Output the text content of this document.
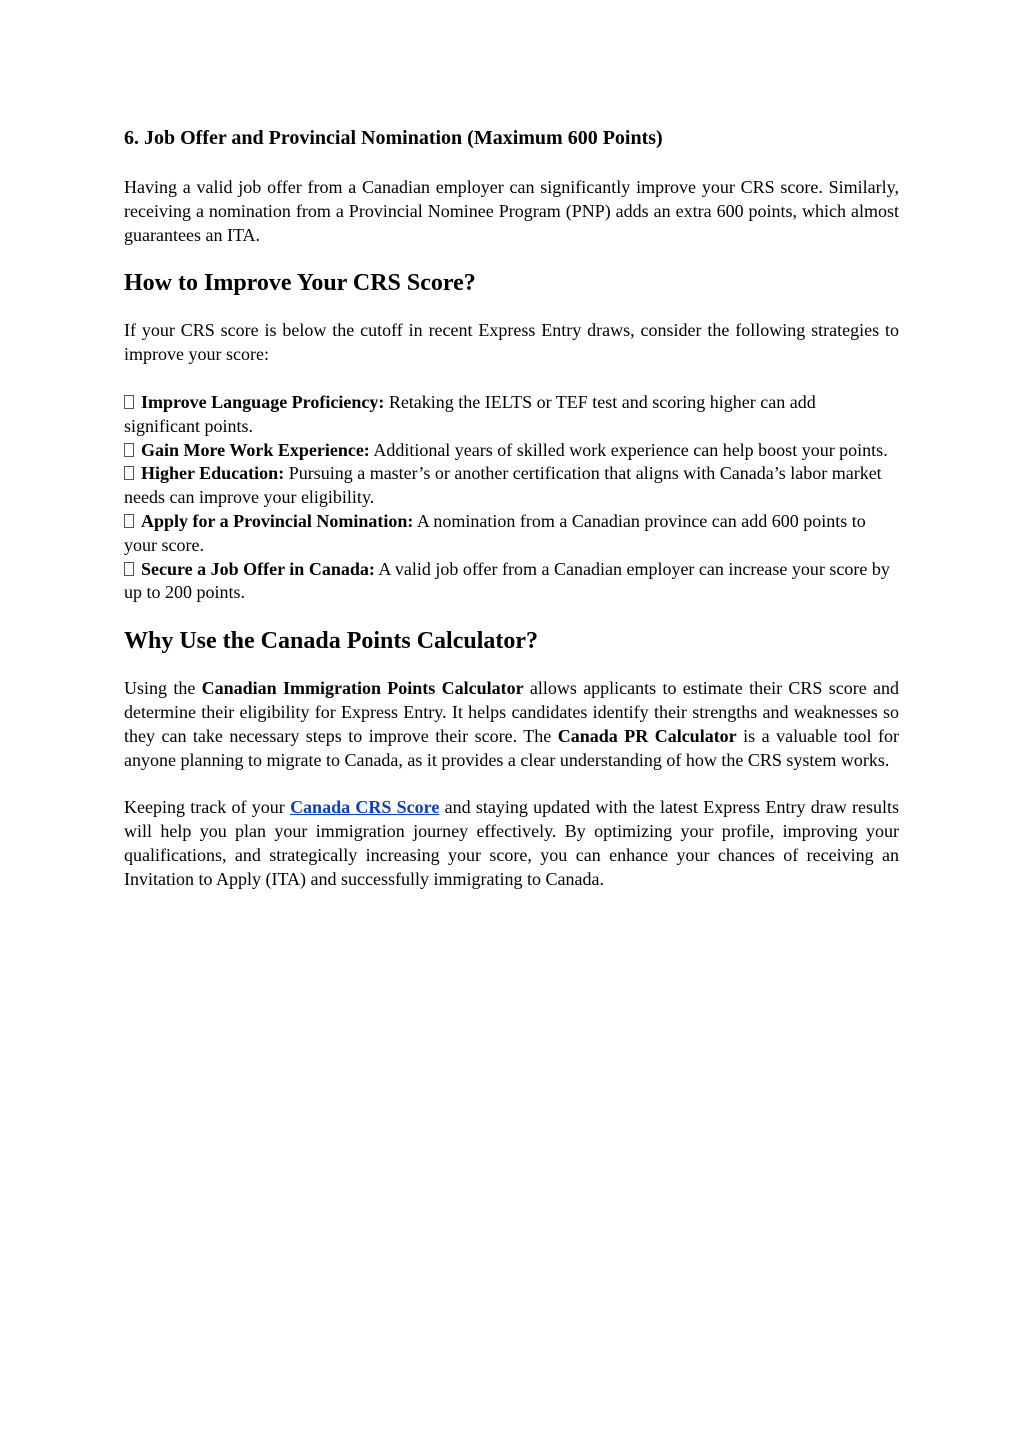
6. Job Offer and Provincial Nomination (Maximum 600 Points)

Having a valid job offer from a Canadian employer can significantly improve your CRS score. Similarly, receiving a nomination from a Provincial Nominee Program (PNP) adds an extra 600 points, which almost guarantees an ITA.

How to Improve Your CRS Score?

If your CRS score is below the cutoff in recent Express Entry draws, consider the following strategies to improve your score:

Improve Language Proficiency: Retaking the IELTS or TEF test and scoring higher can add significant points.
Gain More Work Experience: Additional years of skilled work experience can help boost your points.
Higher Education: Pursuing a master’s or another certification that aligns with Canada’s labor market needs can improve your eligibility.
Apply for a Provincial Nomination: A nomination from a Canadian province can add 600 points to your score.
Secure a Job Offer in Canada: A valid job offer from a Canadian employer can increase your score by up to 200 points.
Why Use the Canada Points Calculator?

Using the Canadian Immigration Points Calculator allows applicants to estimate their CRS score and determine their eligibility for Express Entry. It helps candidates identify their strengths and weaknesses so they can take necessary steps to improve their score. The Canada PR Calculator is a valuable tool for anyone planning to migrate to Canada, as it provides a clear understanding of how the CRS system works.

Keeping track of your Canada CRS Score and staying updated with the latest Express Entry draw results will help you plan your immigration journey effectively. By optimizing your profile, improving your qualifications, and strategically increasing your score, you can enhance your chances of receiving an Invitation to Apply (ITA) and successfully immigrating to Canada.
